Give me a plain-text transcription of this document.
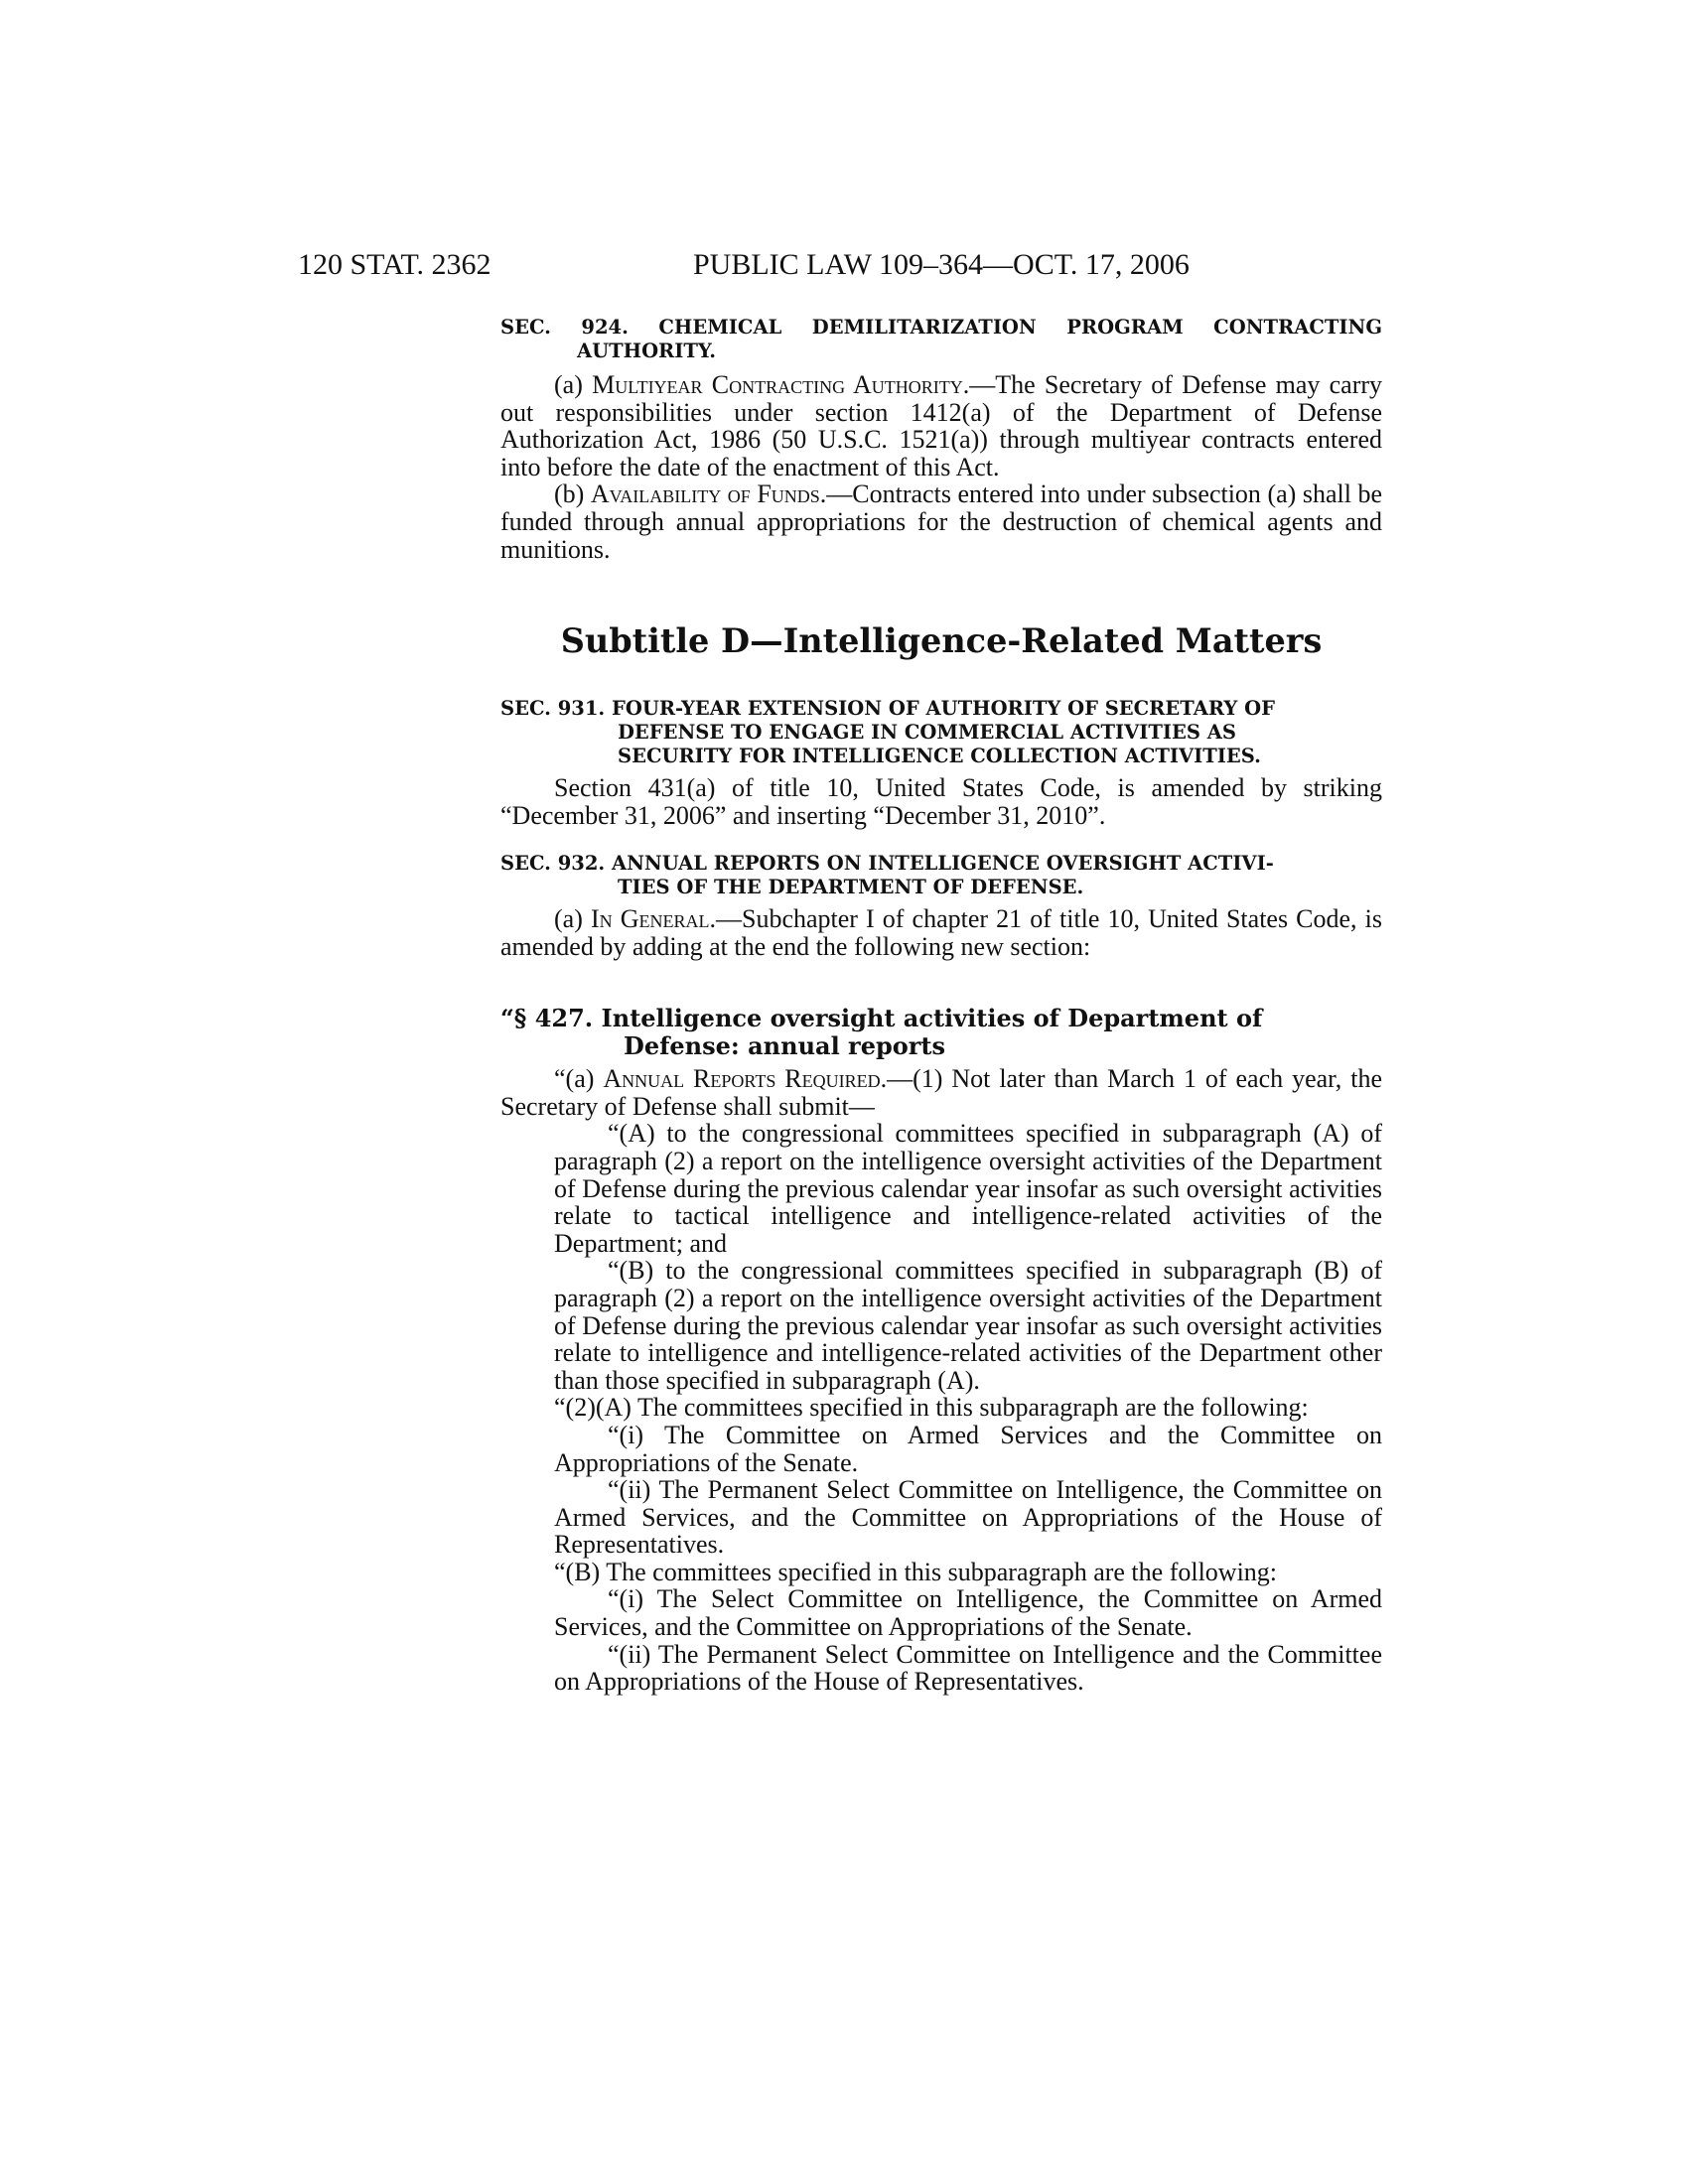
120 STAT. 2362	PUBLIC LAW 109–364—OCT. 17, 2006

SEC. 924. CHEMICAL DEMILITARIZATION PROGRAM CONTRACTING AUTHORITY.

(a) Multiyear Contracting Authority.—The Secretary of Defense may carry out responsibilities under section 1412(a) of the Department of Defense Authorization Act, 1986 (50 U.S.C. 1521(a)) through multiyear contracts entered into before the date of the enactment of this Act.

(b) Availability of Funds.—Contracts entered into under subsection (a) shall be funded through annual appropriations for the destruction of chemical agents and munitions.

Subtitle D—Intelligence-Related Matters

SEC. 931. FOUR-YEAR EXTENSION OF AUTHORITY OF SECRETARY OF
DEFENSE TO ENGAGE IN COMMERCIAL ACTIVITIES AS
SECURITY FOR INTELLIGENCE COLLECTION ACTIVITIES.

Section 431(a) of title 10, United States Code, is amended by striking “December 31, 2006” and inserting “December 31, 2010”.

SEC. 932. ANNUAL REPORTS ON INTELLIGENCE OVERSIGHT ACTIVI-
TIES OF THE DEPARTMENT OF DEFENSE.

(a) In General.—Subchapter I of chapter 21 of title 10, United States Code, is amended by adding at the end the following new section:

“§ 427. Intelligence oversight activities of Department of
Defense: annual reports

“(a) Annual Reports Required.—(1) Not later than March 1 of each year, the Secretary of Defense shall submit—

“(A) to the congressional committees specified in subparagraph (A) of paragraph (2) a report on the intelligence oversight activities of the Department of Defense during the previous calendar year insofar as such oversight activities relate to tactical intelligence and intelligence-related activities of the Department; and

“(B) to the congressional committees specified in subparagraph (B) of paragraph (2) a report on the intelligence oversight activities of the Department of Defense during the previous calendar year insofar as such oversight activities relate to intelligence and intelligence-related activities of the Department other than those specified in subparagraph (A).

“(2)(A) The committees specified in this subparagraph are the following:

“(i) The Committee on Armed Services and the Committee on Appropriations of the Senate.

“(ii) The Permanent Select Committee on Intelligence, the Committee on Armed Services, and the Committee on Appropriations of the House of Representatives.

“(B) The committees specified in this subparagraph are the following:

“(i) The Select Committee on Intelligence, the Committee on Armed Services, and the Committee on Appropriations of the Senate.

“(ii) The Permanent Select Committee on Intelligence and the Committee on Appropriations of the House of Representatives.
